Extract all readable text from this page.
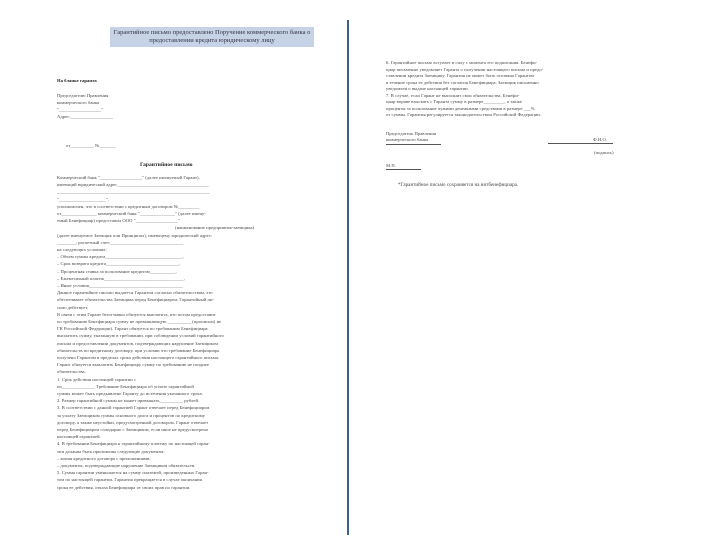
Гарантийное письмо предоставлено Поручение коммерческого банка о
предоставлении кредита юридическому лицу
На бланке гаранта
Председателю Правления
коммерческого банка
"__________________"
Адрес:__________________
от__________ №_______
Гарантийное письмо
Коммерческий банк "__________________" (далее именуемый Гарант),
имеющий юридический адрес_______________________________________
_________________________________________________________________
"____________________",
уполномочен, что в соответствии с кредитным договором №_________
от_______________ коммерческий банк "_______________" (далее имену-
емый Бенефициар) предоставил ООО "__________________"
(наименование предприятия-заемщика)
(далее именуемое Заемщик или Принципал), имеющему юридический адрес:
________; расчетный счет:_______________________________
на следующих условиях:
– Объем суммы кредита_________________________________,
– Срок возврата кредита_______________________________,
– Процентная ставка за пользование кредитом___________,
– Ежемесячный платеж__________________________________,
– Иные условия________________________________________
Данное гарантийное письмо выдается Гарантом согласно обязательствам, это
обеспечивает обязательства Заемщика перед Бенефициаром. Гарантийный пи-
сьмо действует.
В связи с этим Гарант безотзывно обязуется выплатить, кто потом предоставит
по требованию Бенефициара сумму не превышающую __________ (прописью) не
ГК Российской Федерации). Гарант обязуется по требованию Бенефициара
выплатить сумму, указанную в требовании, при соблюдении условий гарантийного
письма и предоставлении документов, подтверждающих нарушение Заемщиком
обязательств по кредитному договору, при условии что требование Бенефициара
получено Гарантом в пределах срока действия настоящего гарантийного письма.
Гарант обязуется выплатить Бенефициару сумму по требованию не позднее
обязательства.
1. Срок действия настоящей гарантии с
по______________ Требование Бенефициара об уплате гарантийной
суммы может быть предъявлено Гаранту до истечения указанного срока.
2. Размер гарантийной суммы не может превышать__________ рублей.
3. В соответствии с данной гарантией Гарант отвечает перед Бенефициаром
за уплату Заемщиком суммы основного долга и процентов по кредитному
договору, а также неустойки, предусмотренной договором. Гарант отвечает
перед Бенефициаром солидарно с Заемщиком, если иное не предусмотрено
настоящей гарантией.
4. В требовании Бенефициара к гарантийному платежу по настоящей гаран-
тии должны быть приложены следующие документы:
– копия кредитного договора с приложениями;
– документы, подтверждающие нарушение Заемщиком обязательств.
5. Сумма гарантии уменьшается на сумму платежей, произведенных Гаран-
том по настоящей гарантии. Гарантия прекращается в случае окончания
срока ее действия, отказа Бенефициара от своих прав по гарантии.
6. Гарантийное письмо вступает в силу с момента его подписания. Бенефи-
циар письменно уведомляет Гаранта о получении настоящего письма и предо-
ставлении кредита Заемщику. Гарантия не может быть отозвана Гарантом
в течение срока ее действия без согласия Бенефициара. Заемщик письменно
уведомлен о выдаче настоящей гарантии.
7. В случае, если Гарант не выполнит свои обязательства, Бенефи-
циар вправе взыскать с Гаранта сумму в размере_________, а также
проценты за пользование чужими денежными средствами в размере ___%
от суммы. Гарантия регулируется законодательством Российской Федерации.
Председатель Правления
коммерческого банка	Ф.И.О.
(подпись)
М.П.
*Гарантийное письмо сохраняется на интбенефициара.
